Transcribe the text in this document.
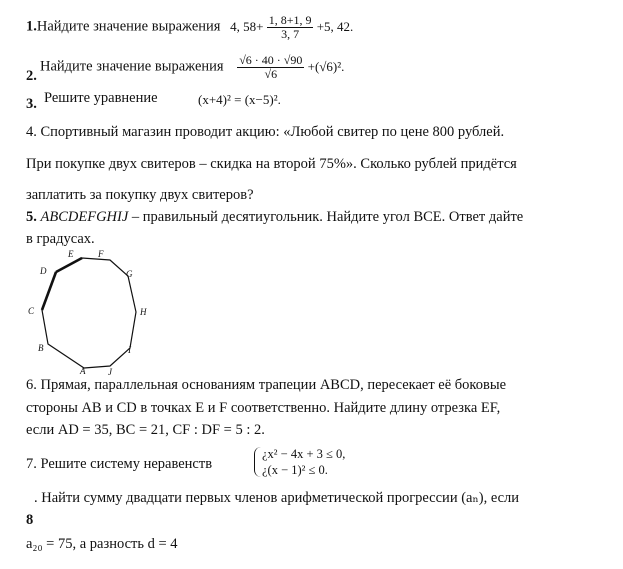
1.Найдите значение выражения 4, $58+ \frac{1, 8+1, 9}{3, 7} +5$, 42.
2.
Найдите значение выражения $\frac{√6 \cdot 40 \cdot √90}{√6} +(√6)^2$.
3. Решите уравнение	(x+4)² = (x−5)².
4. Спортивный магазин проводит акцию: «Любой свитер по цене 800 рублей.
При покупке двух свитеров – скидка на второй 75%». Сколько рублей придётся
заплатить за покупку двух свитеров?
5. ABCDEFGHIJ – правильный десятиугольник. Найдите угол BCE. Ответ дайте
в градусах.
A
B
C
D
E	F
G
H
I
J
6. Прямая, параллельная основаниям трапеции ABCD, пересекает её боковые
стороны AB и CD в точках E и F соответственно. Найдите длину отрезка EF,
если AD = 35, BC = 21, CF : DF = 5 : 2.
7. Решите систему неравенств
¿x² − 4x + 3 ≤ 0,
¿(x − 1)² ≤ 0.
. Найти сумму двадцати первых членов арифметической прогрессии (aₙ), если
8
a₂₀ = 75, а разность d = 4
